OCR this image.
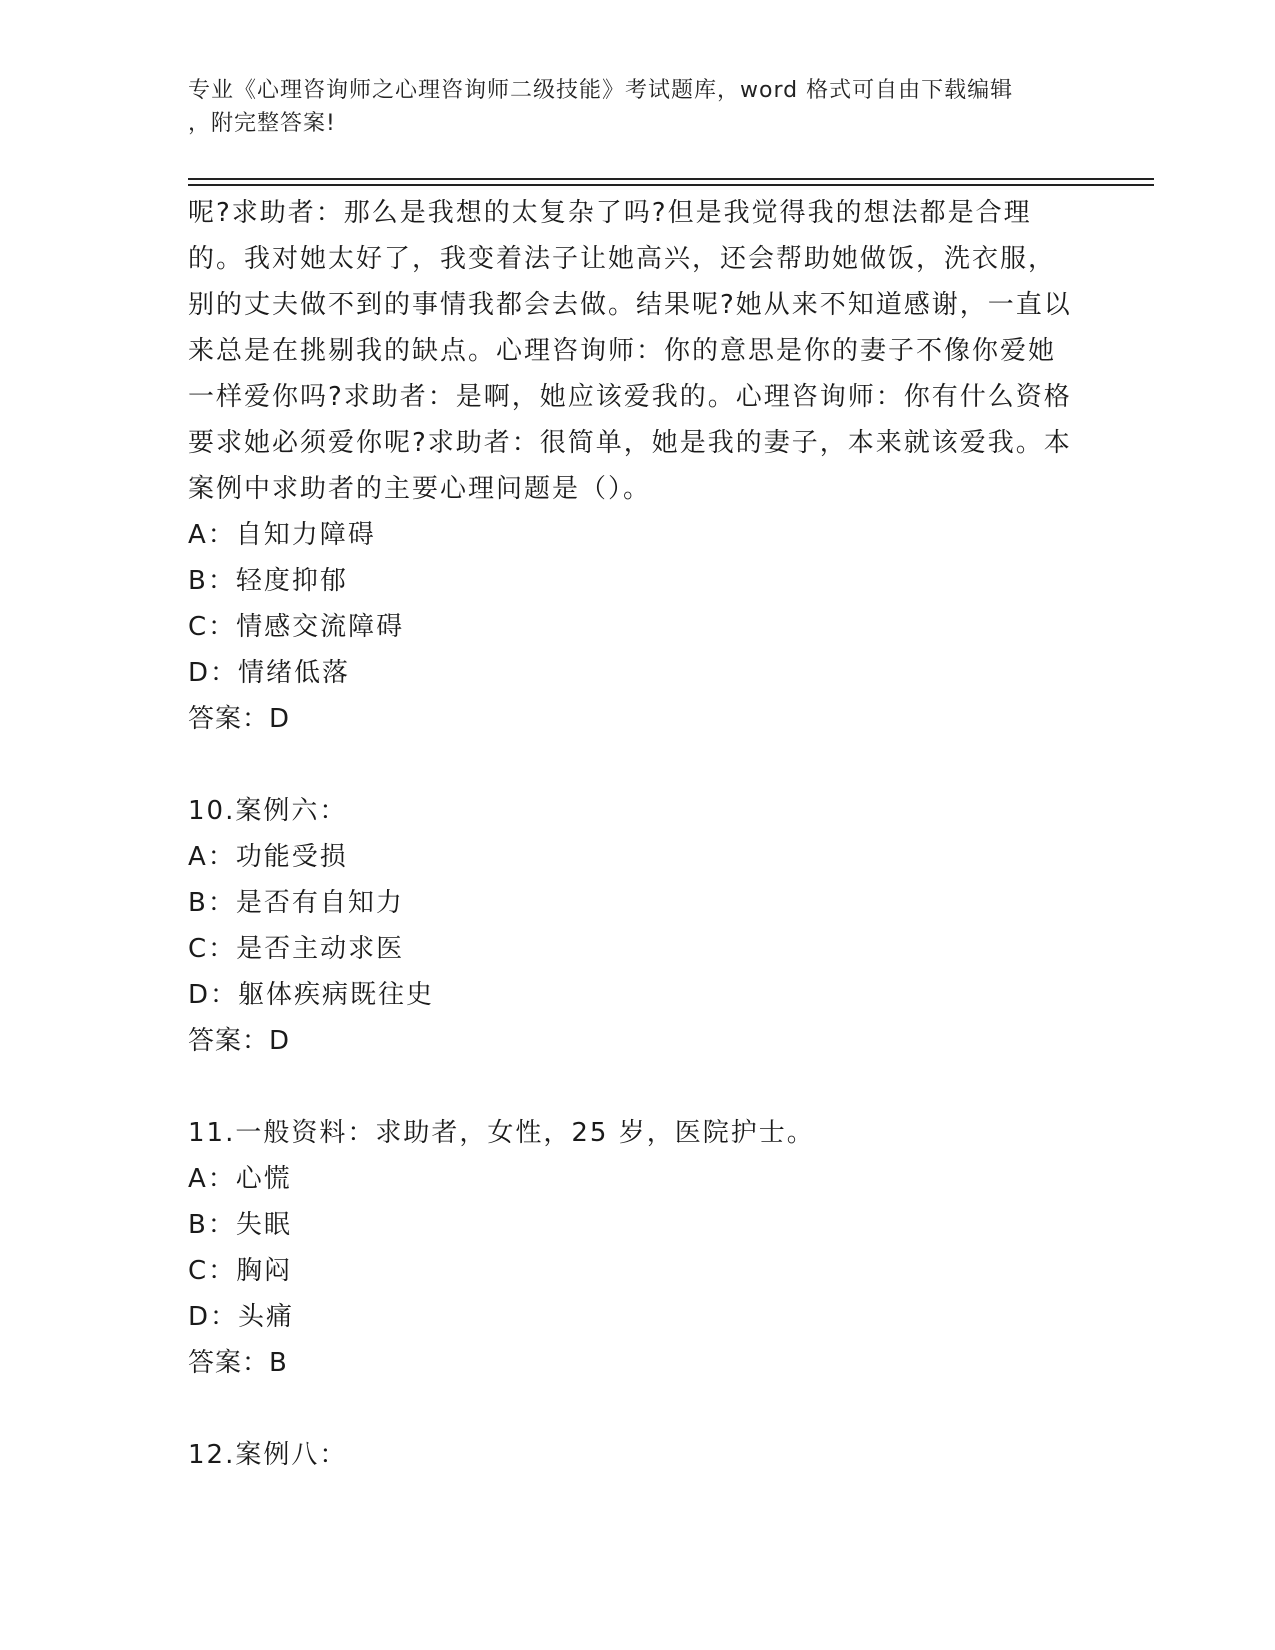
专业《心理咨询师之心理咨询师二级技能》考试题库，word 格式可自由下载编辑
，附完整答案!

呢?求助者：那么是我想的太复杂了吗?但是我觉得我的想法都是合理的。我对她太好了，我变着法子让她高兴，还会帮助她做饭，洗衣服，别的丈夫做不到的事情我都会去做。结果呢?她从来不知道感谢，一直以来总是在挑剔我的缺点。心理咨询师：你的意思是你的妻子不像你爱她一样爱你吗?求助者：是啊，她应该爱我的。心理咨询师：你有什么资格要求她必须爱你呢?求助者：很简单，她是我的妻子，本来就该爱我。本案例中求助者的主要心理问题是（）。

A：自知力障碍
B：轻度抑郁
C：情感交流障碍
D：情绪低落
答案：D
10.案例六：
A：功能受损
B：是否有自知力
C：是否主动求医
D：躯体疾病既往史
答案：D
11.一般资料：求助者，女性，25 岁，医院护士。
A：心慌
B：失眠
C：胸闷
D：头痛
答案：B
12.案例八：
